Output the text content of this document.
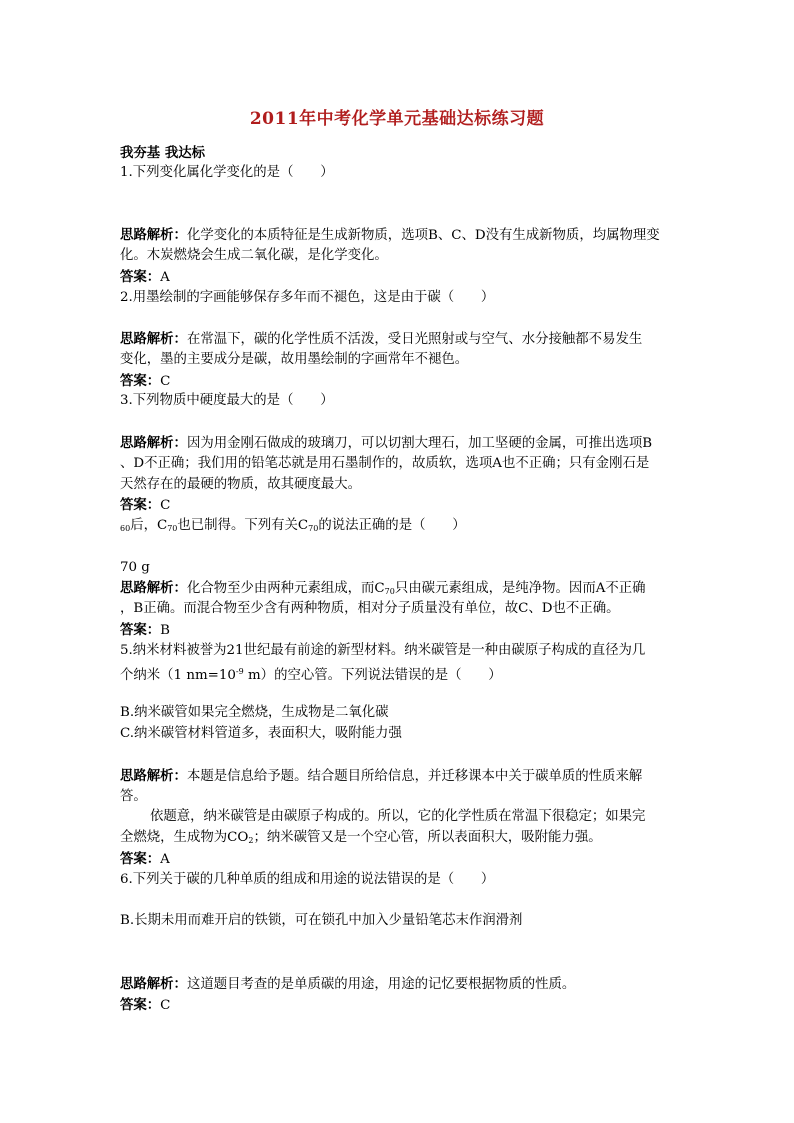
2011年中考化学单元基础达标练习题
我夯基 我达标
1.下列变化属化学变化的是（　　）
思路解析：化学变化的本质特征是生成新物质，选项B、C、D没有生成新物质，均属物理变
化。木炭燃烧会生成二氧化碳，是化学变化。
答案：A
2.用墨绘制的字画能够保存多年而不褪色，这是由于碳（　　）
思路解析：在常温下，碳的化学性质不活泼，受日光照射或与空气、水分接触都不易发生
变化，墨的主要成分是碳，故用墨绘制的字画常年不褪色。
答案：C
3.下列物质中硬度最大的是（　　）
思路解析：因为用金刚石做成的玻璃刀，可以切割大理石，加工坚硬的金属，可推出选项B
、D不正确；我们用的铅笔芯就是用石墨制作的，故质软，选项A也不正确；只有金刚石是
天然存在的最硬的物质，故其硬度最大。
答案：C
$_{60}$后，$C_{70}$也已制得。下列有关$C_{70}$的说法正确的是（　　）
70 g
思路解析：化合物至少由两种元素组成，而$C_{70}$只由碳元素组成，是纯净物。因而A不正确
，B正确。而混合物至少含有两种物质，相对分子质量没有单位，故C、D也不正确。
答案：B
5.纳米材料被誉为21世纪最有前途的新型材料。纳米碳管是一种由碳原子构成的直径为几
个纳米（1 $nm=10^{-9}$ m）的空心管。下列说法错误的是（　　）
B.纳米碳管如果完全燃烧，生成物是二氧化碳
C.纳米碳管材料管道多，表面积大，吸附能力强
思路解析：本题是信息给予题。结合题目所给信息，并迁移课本中关于碳单质的性质来解
答。
依题意，纳米碳管是由碳原子构成的。所以，它的化学性质在常温下很稳定；如果完
全燃烧，生成物为$CO_2$；纳米碳管又是一个空心管，所以表面积大，吸附能力强。
答案：A
6.下列关于碳的几种单质的组成和用途的说法错误的是（　　）
B.长期未用而难开启的铁锁，可在锁孔中加入少量铅笔芯末作润滑剂
思路解析：这道题目考查的是单质碳的用途，用途的记忆要根据物质的性质。
答案：C
